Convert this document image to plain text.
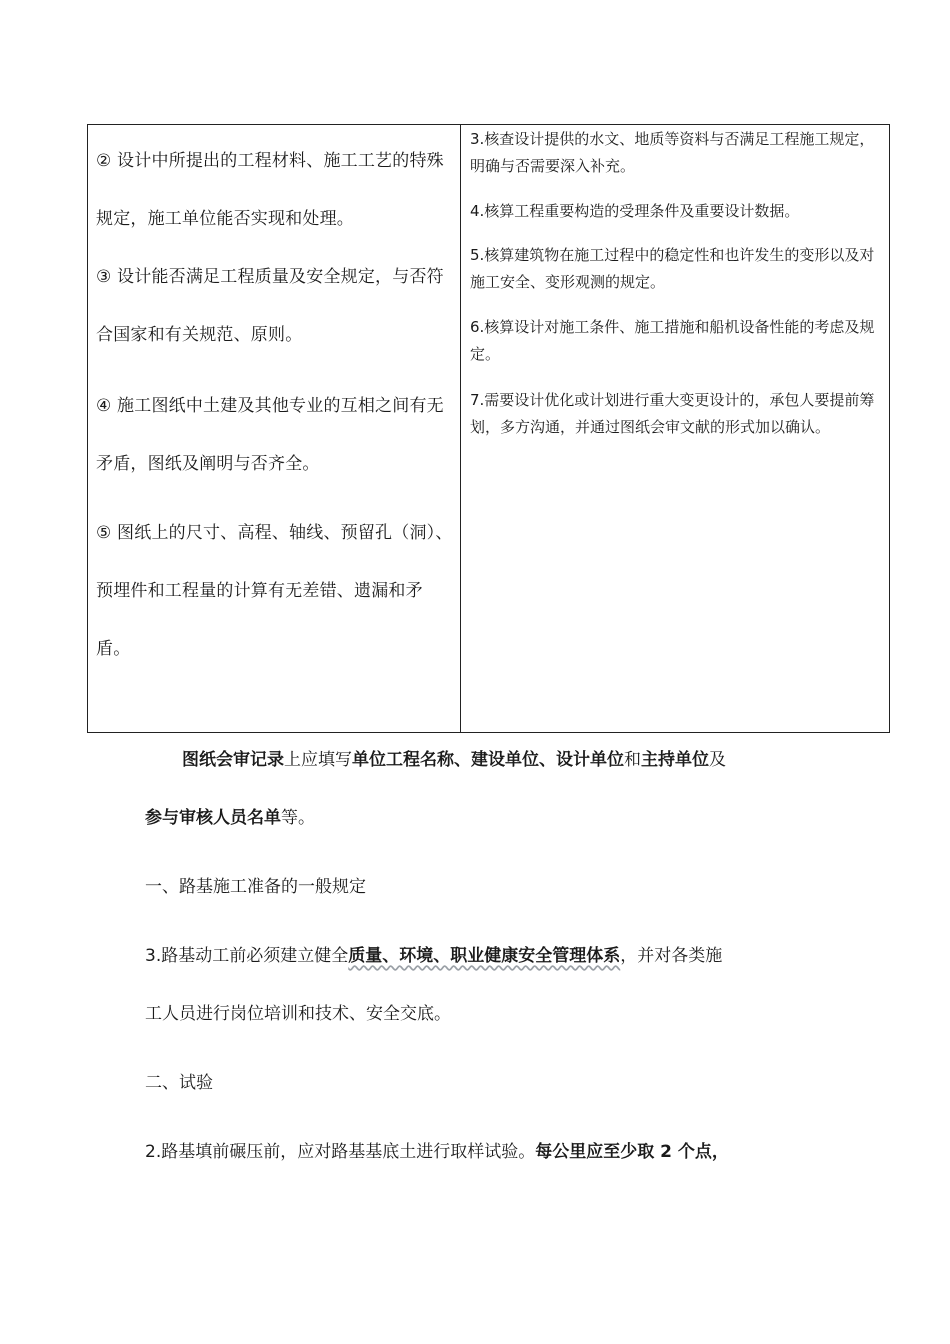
② 设计中所提出的工程材料、施工工艺的特殊规定，施工单位能否实现和处理。

③ 设计能否满足工程质量及安全规定，与否符合国家和有关规范、原则。

④ 施工图纸中土建及其他专业的互相之间有无矛盾，图纸及阐明与否齐全。

⑤ 图纸上的尺寸、高程、轴线、预留孔（洞）、预埋件和工程量的计算有无差错、遗漏和矛盾。

3.核查设计提供的水文、地质等资料与否满足工程施工规定，明确与否需要深入补充。

4.核算工程重要构造的受理条件及重要设计数据。

5.核算建筑物在施工过程中的稳定性和也许发生的变形以及对施工安全、变形观测的规定。

6.核算设计对施工条件、施工措施和船机设备性能的考虑及规定。

7.需要设计优化或计划进行重大变更设计的，承包人要提前筹划，多方沟通，并通过图纸会审文献的形式加以确认。

图纸会审记录上应填写单位工程名称、建设单位、设计单位和主持单位及

参与审核人员名单等。

一、路基施工准备的一般规定

3.路基动工前必须建立健全质量、环境、职业健康安全管理体系，并对各类施

工人员进行岗位培训和技术、安全交底。

二、试验

2.路基填前碾压前，应对路基基底土进行取样试验。每公里应至少取 2 个点，
